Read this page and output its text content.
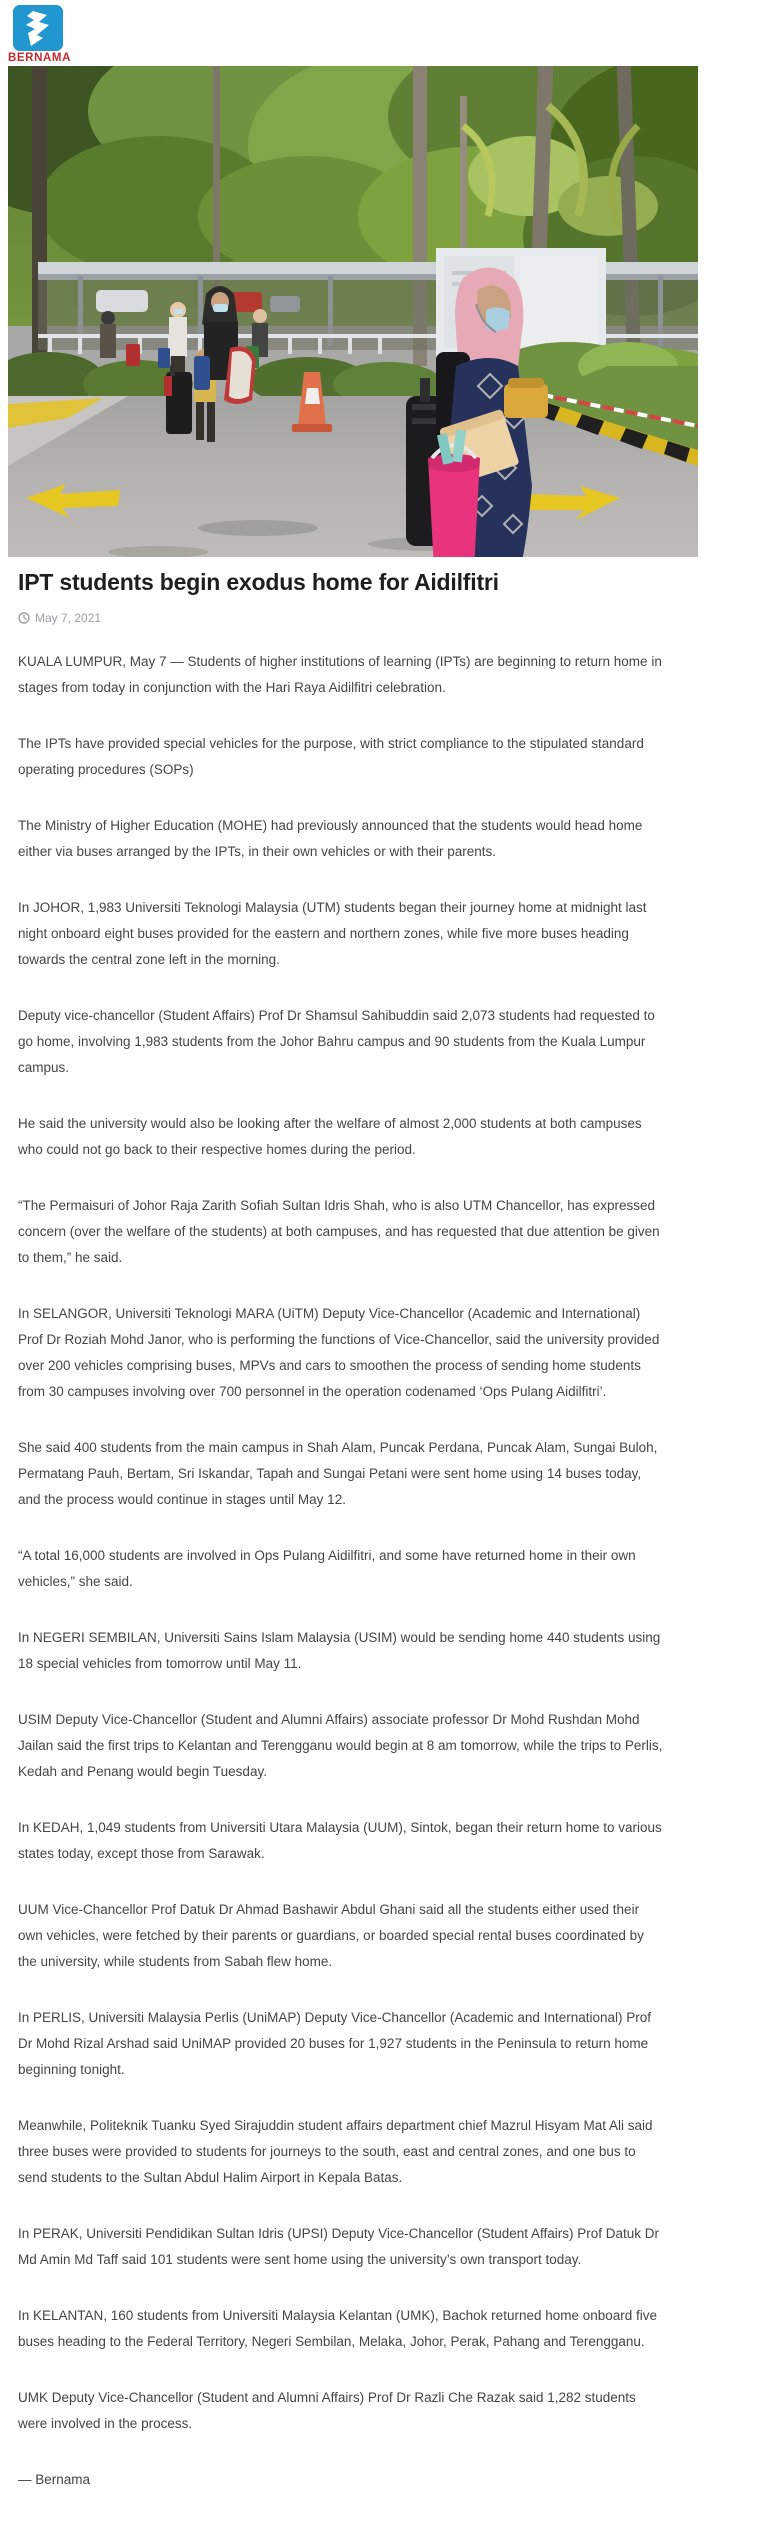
BERNAMA
IPT students begin exodus home for Aidilfitri
May 7, 2021

KUALA LUMPUR, May 7 — Students of higher institutions of learning (IPTs) are beginning to return home in stages from today in conjunction with the Hari Raya Aidilfitri celebration.

The IPTs have provided special vehicles for the purpose, with strict compliance to the stipulated standard operating procedures (SOPs)

The Ministry of Higher Education (MOHE) had previously announced that the students would head home either via buses arranged by the IPTs, in their own vehicles or with their parents.

In JOHOR, 1,983 Universiti Teknologi Malaysia (UTM) students began their journey home at midnight last night onboard eight buses provided for the eastern and northern zones, while five more buses heading towards the central zone left in the morning.

Deputy vice-chancellor (Student Affairs) Prof Dr Shamsul Sahibuddin said 2,073 students had requested to go home, involving 1,983 students from the Johor Bahru campus and 90 students from the Kuala Lumpur campus.

He said the university would also be looking after the welfare of almost 2,000 students at both campuses who could not go back to their respective homes during the period.

“The Permaisuri of Johor Raja Zarith Sofiah Sultan Idris Shah, who is also UTM Chancellor, has expressed concern (over the welfare of the students) at both campuses, and has requested that due attention be given to them,” he said.

In SELANGOR, Universiti Teknologi MARA (UiTM) Deputy Vice-Chancellor (Academic and International) Prof Dr Roziah Mohd Janor, who is performing the functions of Vice-Chancellor, said the university provided over 200 vehicles comprising buses, MPVs and cars to smoothen the process of sending home students from 30 campuses involving over 700 personnel in the operation codenamed ‘Ops Pulang Aidilfitri’.

She said 400 students from the main campus in Shah Alam, Puncak Perdana, Puncak Alam, Sungai Buloh, Permatang Pauh, Bertam, Sri Iskandar, Tapah and Sungai Petani were sent home using 14 buses today, and the process would continue in stages until May 12.

“A total 16,000 students are involved in Ops Pulang Aidilfitri, and some have returned home in their own vehicles,” she said.

In NEGERI SEMBILAN, Universiti Sains Islam Malaysia (USIM) would be sending home 440 students using 18 special vehicles from tomorrow until May 11.

USIM Deputy Vice-Chancellor (Student and Alumni Affairs) associate professor Dr Mohd Rushdan Mohd Jailan said the first trips to Kelantan and Terengganu would begin at 8 am tomorrow, while the trips to Perlis, Kedah and Penang would begin Tuesday.

In KEDAH, 1,049 students from Universiti Utara Malaysia (UUM), Sintok, began their return home to various states today, except those from Sarawak.

UUM Vice-Chancellor Prof Datuk Dr Ahmad Bashawir Abdul Ghani said all the students either used their own vehicles, were fetched by their parents or guardians, or boarded special rental buses coordinated by the university, while students from Sabah flew home.

In PERLIS, Universiti Malaysia Perlis (UniMAP) Deputy Vice-Chancellor (Academic and International) Prof Dr Mohd Rizal Arshad said UniMAP provided 20 buses for 1,927 students in the Peninsula to return home beginning tonight.

Meanwhile, Politeknik Tuanku Syed Sirajuddin student affairs department chief Mazrul Hisyam Mat Ali said three buses were provided to students for journeys to the south, east and central zones, and one bus to send students to the Sultan Abdul Halim Airport in Kepala Batas.

In PERAK, Universiti Pendidikan Sultan Idris (UPSI) Deputy Vice-Chancellor (Student Affairs) Prof Datuk Dr Md Amin Md Taff said 101 students were sent home using the university’s own transport today.

In KELANTAN, 160 students from Universiti Malaysia Kelantan (UMK), Bachok returned home onboard five buses heading to the Federal Territory, Negeri Sembilan, Melaka, Johor, Perak, Pahang and Terengganu.

UMK Deputy Vice-Chancellor (Student and Alumni Affairs) Prof Dr Razli Che Razak said 1,282 students were involved in the process.

— Bernama
